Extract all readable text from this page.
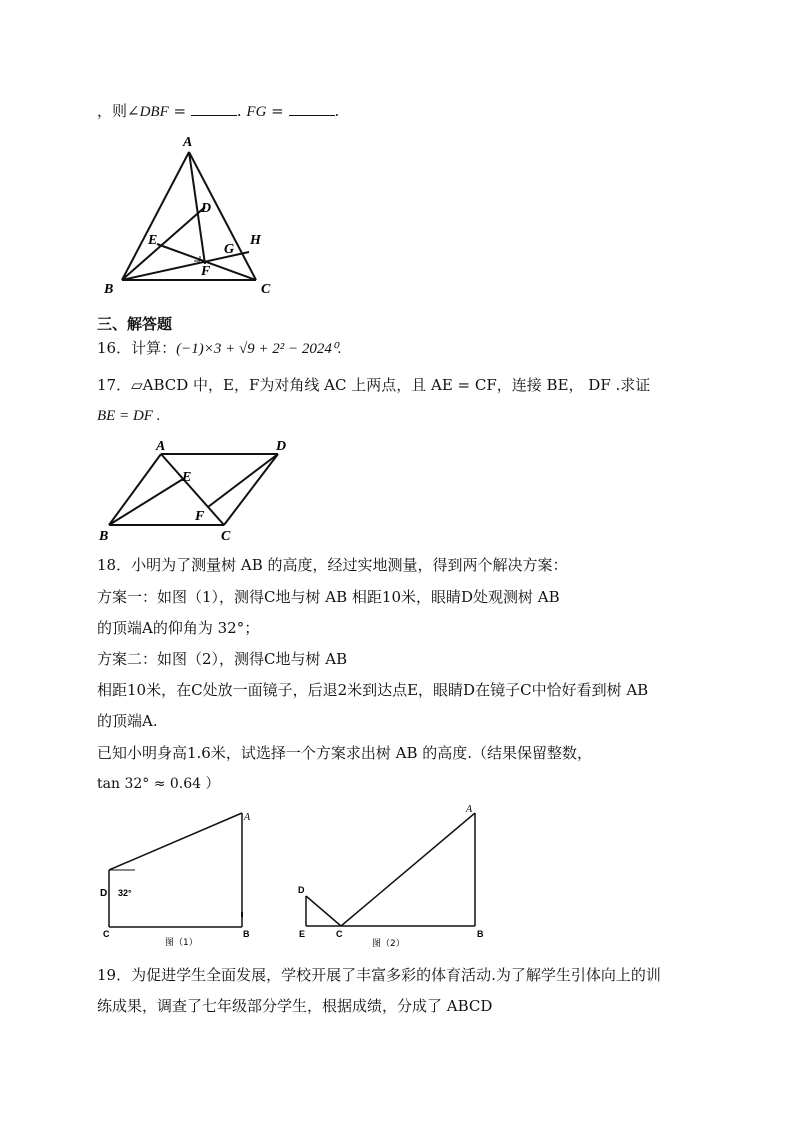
，则∠DBF =	. FG =	.
A
B	C
D
E
F
G
H
三、解答题
16．计算：(−1)×3 + √9 + 2² − 2024⁰.
17．▱ABCD 中，E，F为对角线 AC 上两点，且 AE = CF，连接 BE， DF .求证
BE = DF .
A	D
B	C
E
F
18．小明为了测量树 AB 的高度，经过实地测量，得到两个解决方案：
方案一：如图（1），测得C地与树 AB 相距10米，眼睛D处观测树 AB
的顶端A的仰角为 32°；
方案二：如图（2），测得C地与树 AB
相距10米，在C处放一面镜子，后退2米到达点E，眼睛D在镜子C中恰好看到树 AB
的顶端A.
已知小明身高1.6米，试选择一个方案求出树 AB 的高度.（结果保留整数，
tan 32° ≈ 0.64 ）
D
C	B
A
32°
图（1）
D
E	C	B
A
图（2）
19．为促进学生全面发展，学校开展了丰富多彩的体育活动.为了解学生引体向上的训
练成果，调查了七年级部分学生，根据成绩，分成了 ABCD
